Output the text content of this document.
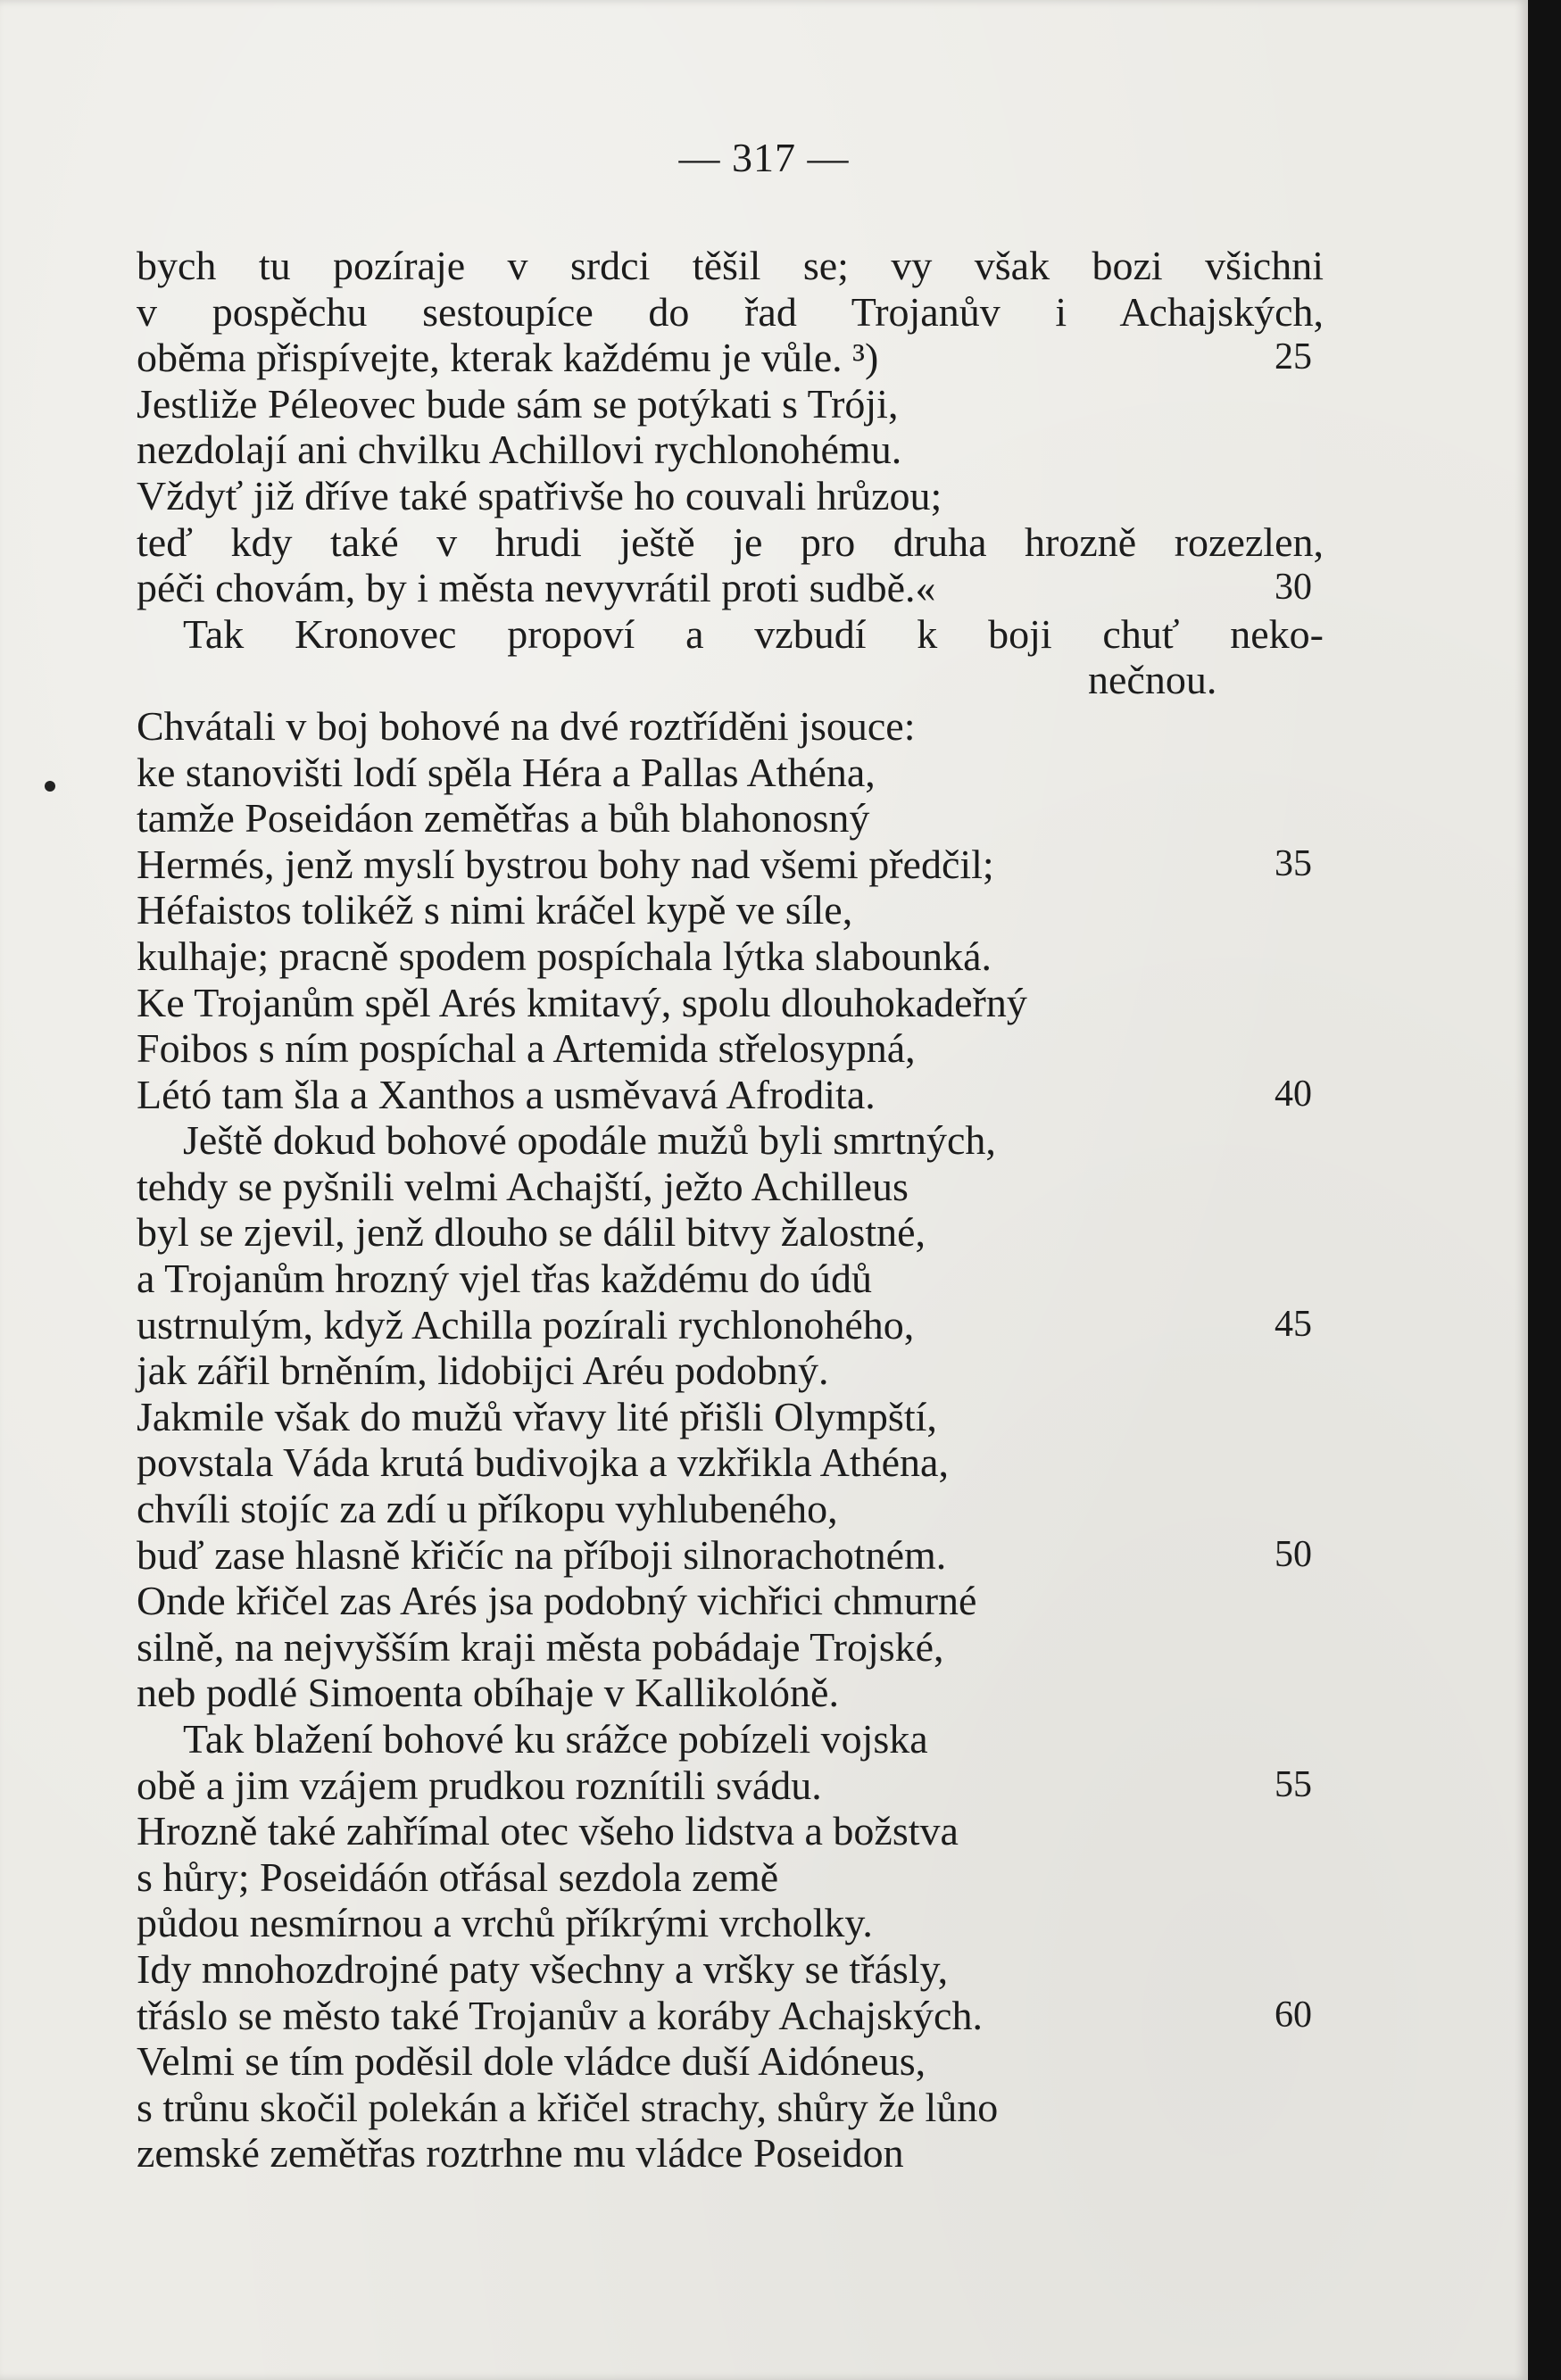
— 317 —
bych tu pozíraje v srdci těšil se; vy však bozi všichni
v pospěchu sestoupíce do řad Trojanův i Achajských,
oběma přispívejte, kterak každému je vůle. ³)
Jestliže Péleovec bude sám se potýkati s Tróji,
nezdolají ani chvilku Achillovi rychlonohému.
Vždyť již dříve také spatřivše ho couvali hrůzou;
teď kdy také v hrudi ještě je pro druha hrozně rozezlen,
péči chovám, by i města nevyvrátil proti sudbě.«
Tak Kronovec propoví a vzbudí k boji chuť neko-
nečnou.
Chvátali v boj bohové na dvé roztříděni jsouce:
ke stanovišti lodí spěla Héra a Pallas Athéna,
tamže Poseidáon zemětřas a bůh blahonosný
Hermés, jenž myslí bystrou bohy nad všemi předčil;
Héfaistos tolikéž s nimi kráčel kypě ve síle,
kulhaje; pracně spodem pospíchala lýtka slabounká.
Ke Trojanům spěl Arés kmitavý, spolu dlouhokadeřný
Foibos s ním pospíchal a Artemida střelosypná,
Létó tam šla a Xanthos a usměvavá Afrodita.
Ještě dokud bohové opodále mužů byli smrtných,
tehdy se pyšnili velmi Achajští, ježto Achilleus
byl se zjevil, jenž dlouho se dálil bitvy žalostné,
a Trojanům hrozný vjel třas každému do údů
ustrnulým, když Achilla pozírali rychlonohého,
jak zářil brněním, lidobijci Aréu podobný.
Jakmile však do mužů vřavy lité přišli Olympští,
povstala Váda krutá budivojka a vzkřikla Athéna,
chvíli stojíc za zdí u příkopu vyhlubeného,
buď zase hlasně křičíc na příboji silnorachotném.
Onde křičel zas Arés jsa podobný vichřici chmurné
silně, na nejvyšším kraji města pobádaje Trojské,
neb podlé Simoenta obíhaje v Kallikolóně.
Tak blažení bohové ku srážce pobízeli vojska
obě a jim vzájem prudkou roznítili svádu.
Hrozně také zahřímal otec všeho lidstva a božstva
s hůry; Poseidáón otřásal sezdola země
půdou nesmírnou a vrchů příkrými vrcholky.
Idy mnohozdrojné paty všechny a vršky se třásly,
třáslo se město také Trojanův a koráby Achajských.
Velmi se tím poděsil dole vládce duší Aidóneus,
s trůnu skočil polekán a křičel strachy, shůry že lůno
zemské zemětřas roztrhne mu vládce Poseidon
25
30
35
40
45
50
55
60
